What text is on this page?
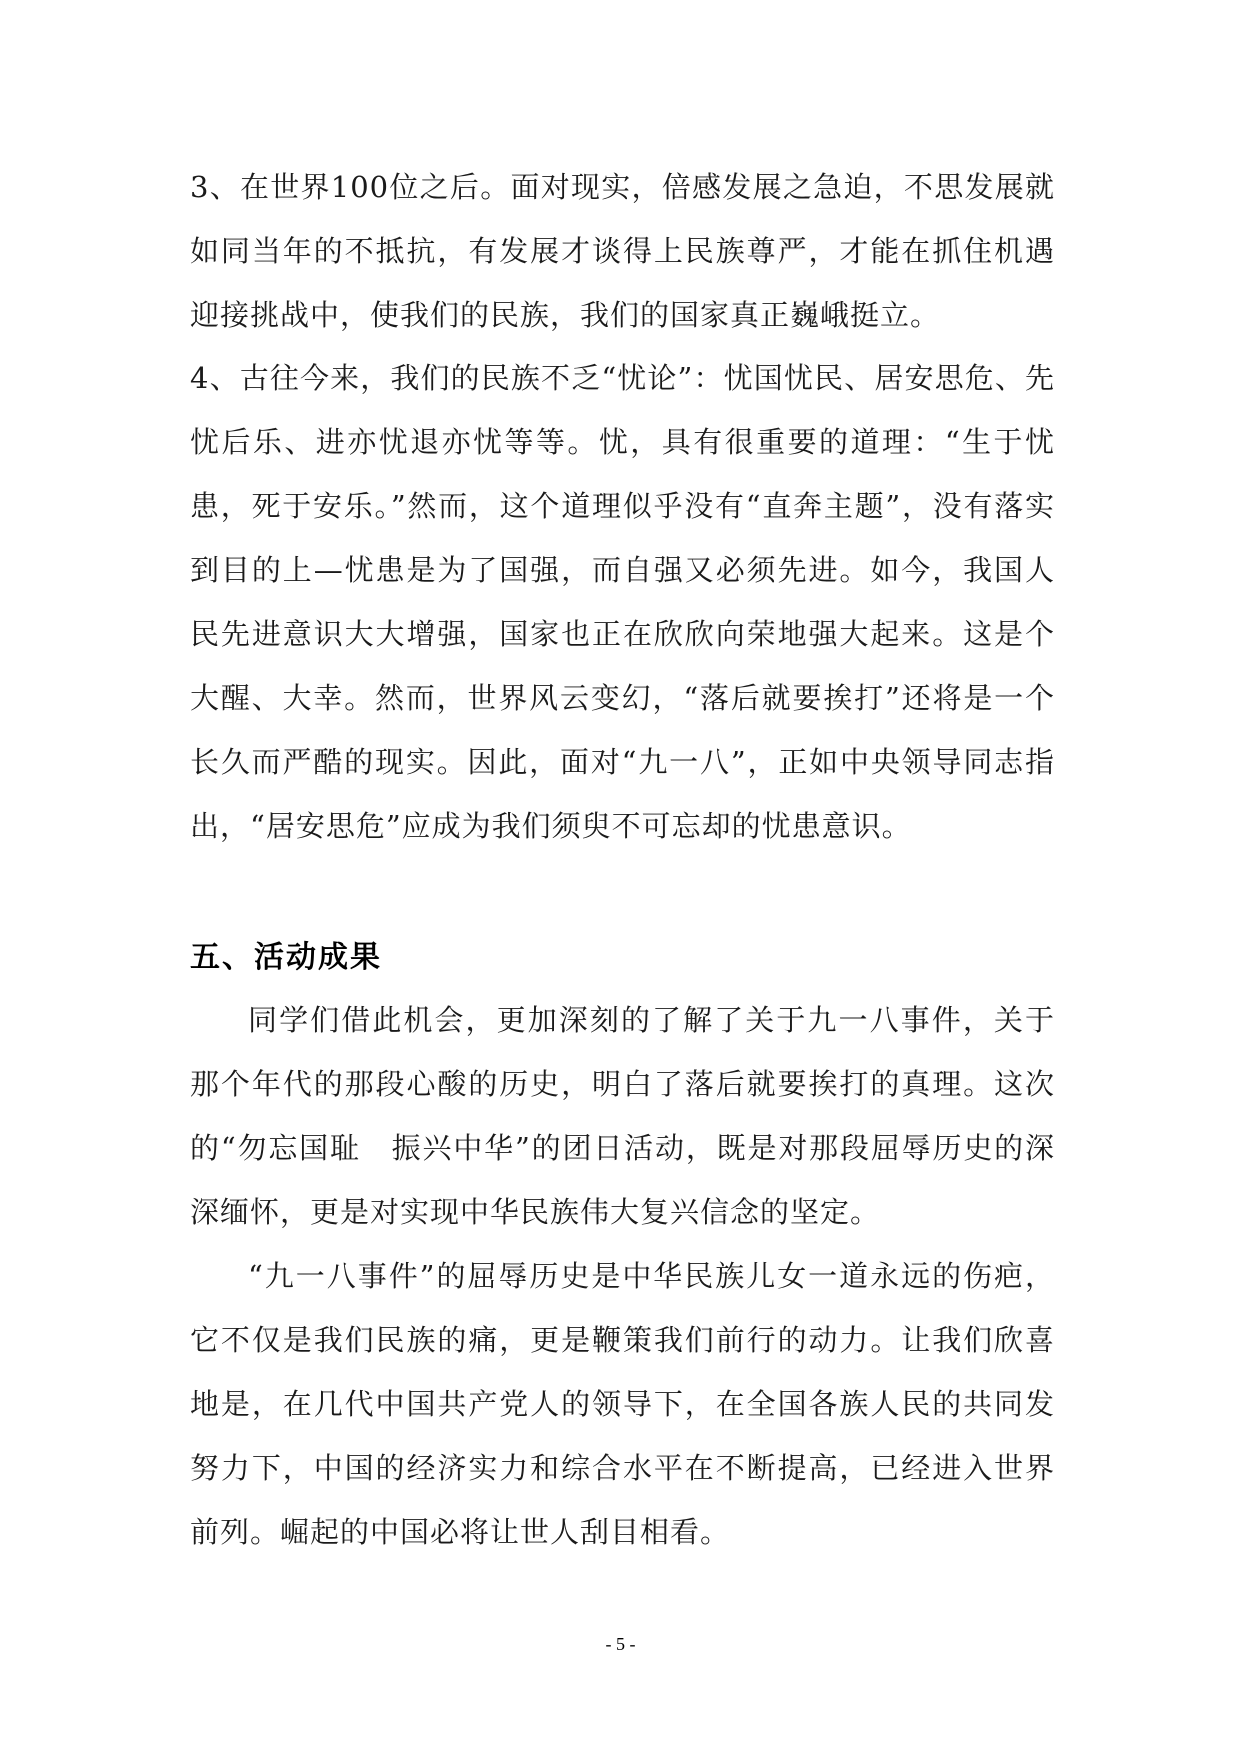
3、在世界100位之后。面对现实，倍感发展之急迫，不思发展就如同当年的不抵抗，有发展才谈得上民族尊严，才能在抓住机遇迎接挑战中，使我们的民族，我们的国家真正巍峨挺立。

4、古往今来，我们的民族不乏“忧论”：忧国忧民、居安思危、先忧后乐、进亦忧退亦忧等等。忧，具有很重要的道理：“生于忧患，死于安乐。”然而，这个道理似乎没有“直奔主题”，没有落实到目的上—忧患是为了国强，而自强又必须先进。如今，我国人民先进意识大大增强，国家也正在欣欣向荣地强大起来。这是个大醒、大幸。然而，世界风云变幻，“落后就要挨打”还将是一个长久而严酷的现实。因此，面对“九一八”，正如中央领导同志指出，“居安思危”应成为我们须臾不可忘却的忧患意识。

五、活动成果

同学们借此机会，更加深刻的了解了关于九一八事件，关于那个年代的那段心酸的历史，明白了落后就要挨打的真理。这次的“勿忘国耻　振兴中华”的团日活动，既是对那段屈辱历史的深深缅怀，更是对实现中华民族伟大复兴信念的坚定。

“九一八事件”的屈辱历史是中华民族儿女一道永远的伤疤，它不仅是我们民族的痛，更是鞭策我们前行的动力。让我们欣喜地是，在几代中国共产党人的领导下，在全国各族人民的共同发努力下，中国的经济实力和综合水平在不断提高，已经进入世界前列。崛起的中国必将让世人刮目相看。

- 5 -
